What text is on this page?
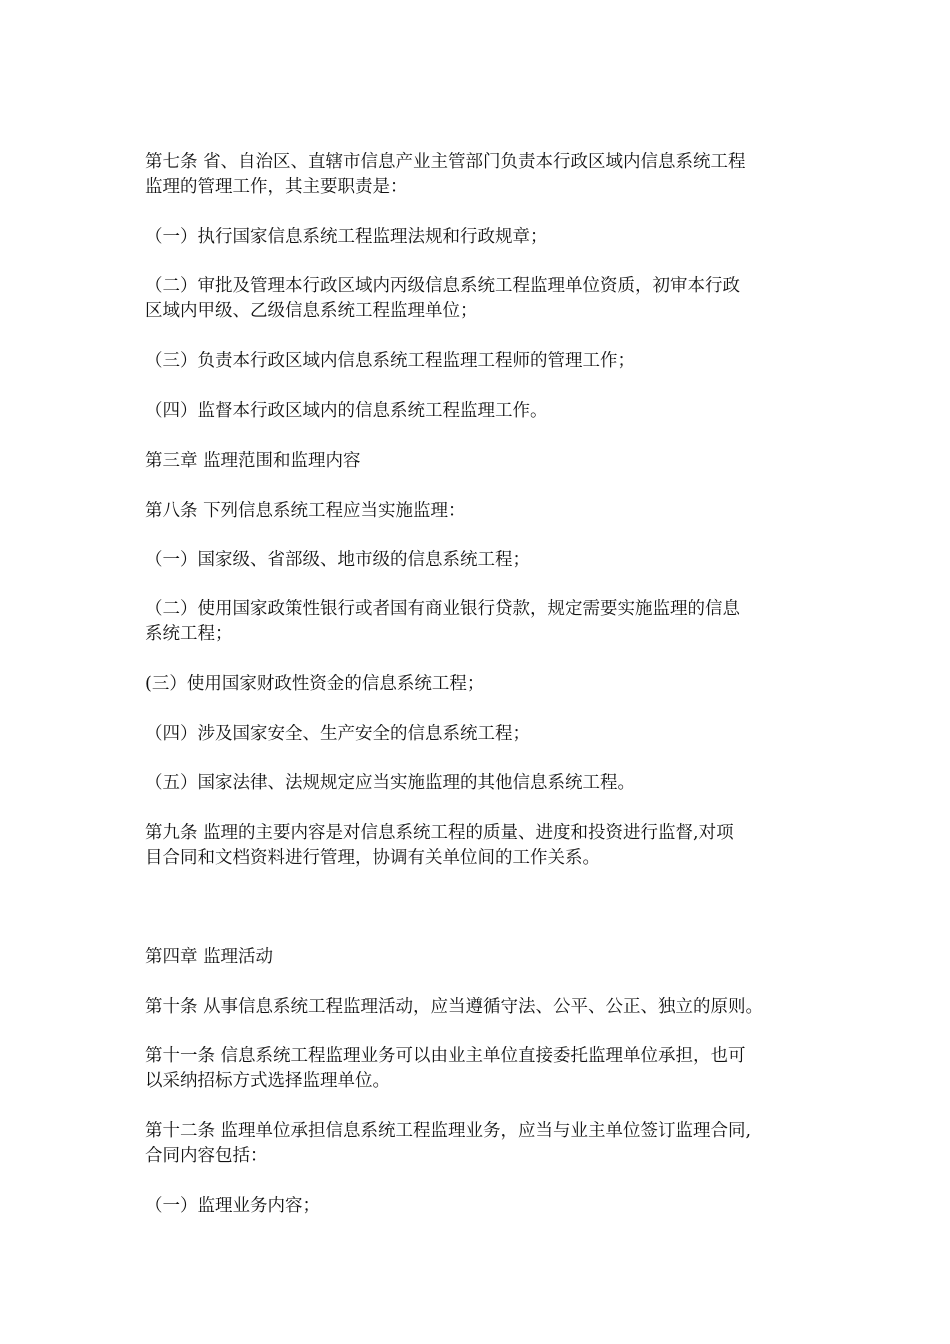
第七条 省、自治区、直辖市信息产业主管部门负责本行政区域内信息系统工程
监理的管理工作，其主要职责是：

（一）执行国家信息系统工程监理法规和行政规章；

（二）审批及管理本行政区域内丙级信息系统工程监理单位资质，初审本行政
区域内甲级、乙级信息系统工程监理单位；

（三）负责本行政区域内信息系统工程监理工程师的管理工作；

（四）监督本行政区域内的信息系统工程监理工作。

第三章 监理范围和监理内容

第八条 下列信息系统工程应当实施监理：

（一）国家级、省部级、地市级的信息系统工程；

（二）使用国家政策性银行或者国有商业银行贷款，规定需要实施监理的信息
系统工程；

(三）使用国家财政性资金的信息系统工程；

（四）涉及国家安全、生产安全的信息系统工程；

（五）国家法律、法规规定应当实施监理的其他信息系统工程。

第九条 监理的主要内容是对信息系统工程的质量、进度和投资进行监督,对项
目合同和文档资料进行管理，协调有关单位间的工作关系。

第四章 监理活动

第十条 从事信息系统工程监理活动，应当遵循守法、公平、公正、独立的原则。

第十一条 信息系统工程监理业务可以由业主单位直接委托监理单位承担，也可
以采纳招标方式选择监理单位。

第十二条 监理单位承担信息系统工程监理业务，应当与业主单位签订监理合同,
合同内容包括：

（一）监理业务内容；
